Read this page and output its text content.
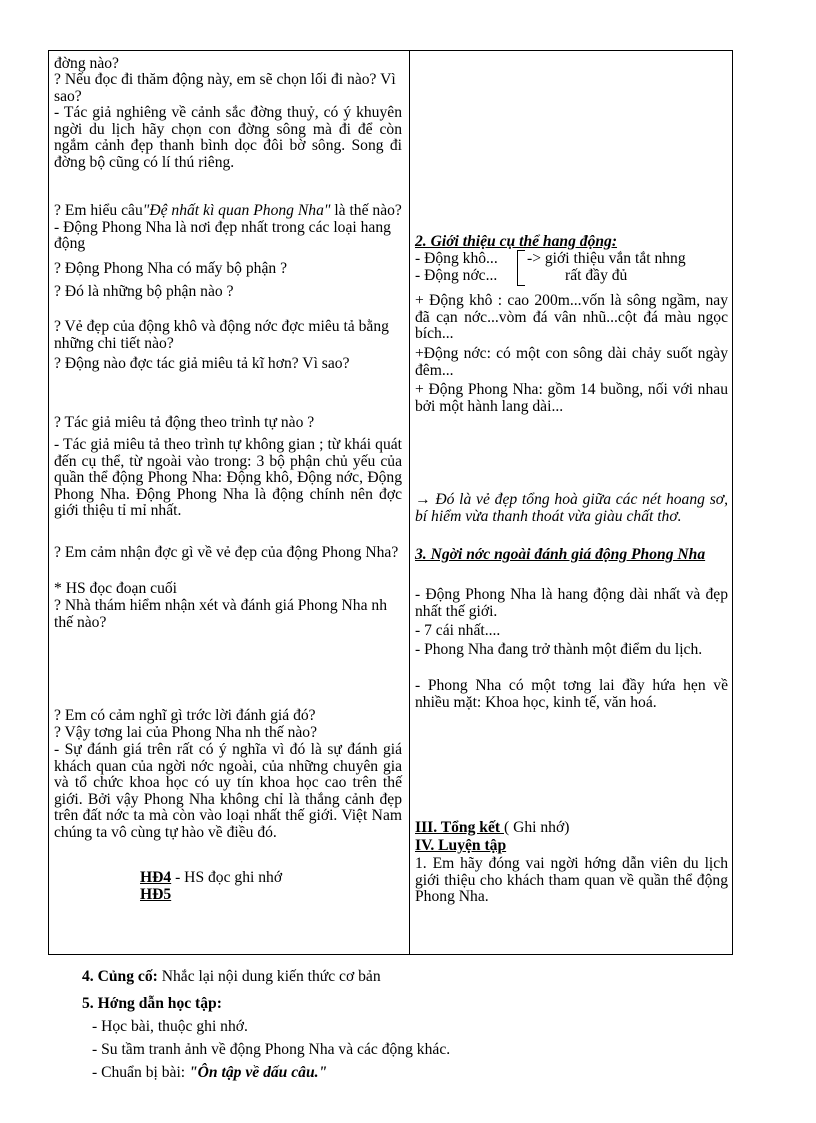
đờng nào?

? Nếu đọc đi thăm động này, em sẽ chọn lối đi nào? Vì sao?

- Tác giả nghiêng về cảnh sắc đờng thuỷ, có ý khuyên ngời du lịch hãy chọn con đờng sông mà đi để còn ngắm cảnh đẹp thanh bình dọc đôi bờ sông. Song đi đờng bộ cũng có lí thú riêng.

? Em hiểu câu"Đệ nhất kì quan Phong Nha" là thế nào?- Động Phong Nha là nơi đẹp nhất trong các loại hang động

? Động Phong Nha có mấy bộ phận ?

? Đó là những bộ phận nào ?

? Vẻ đẹp của động khô và động nớc đợc miêu tả bằng những chi tiết nào?

? Động nào đợc tác giả miêu tả kĩ hơn? Vì sao?

? Tác giả miêu tả động theo trình tự nào ?

- Tác giả miêu tả theo trình tự không gian ; từ khái quát đến cụ thể, từ ngoài vào trong: 3 bộ phận chủ yếu của quần thể động Phong Nha: Động khô, Động nớc, Động Phong Nha. Động Phong Nha là động chính nên đợc giới thiệu tỉ mỉ nhất.

? Em cảm nhận đợc gì về vẻ đẹp của động Phong Nha?

* HS đọc đoạn cuối

? Nhà thám hiểm nhận xét và đánh giá Phong Nha nh thế nào?

? Em có cảm nghĩ gì trớc lời đánh giá đó?

? Vậy tơng lai của Phong Nha nh thế nào?

- Sự đánh giá trên rất có ý nghĩa vì đó là sự đánh giá khách quan của ngời nớc ngoài, của những chuyên gia và tổ chức khoa học có uy tín khoa học cao trên thế giới. Bởi vậy Phong Nha không chỉ là thắng cảnh đẹp trên đất nớc ta mà còn vào loại nhất thế giới. Việt Nam chúng ta vô cùng tự hào về điều đó.

HĐ4 - HS đọc ghi nhớ

HĐ5

2. Giới thiệu cụ thể hang động:

- Động khô...	-> giới thiệu vắn tắt nhng

- Động nớc...	rất đầy đủ

+ Động khô : cao 200m...vốn là sông ngầm, nay đã cạn nớc...vòm đá vân nhũ...cột đá màu ngọc bích...

+Động nớc: có một con sông dài chảy suốt ngày đêm...

+ Động Phong Nha: gồm 14 buồng, nối với nhau bởi một hành lang dài...

→ Đó là vẻ đẹp tổng hoà giữa các nét hoang sơ, bí hiểm vừa thanh thoát vừa giàu chất thơ.

3. Ngời nớc ngoài đánh giá động Phong Nha

- Động Phong Nha là hang động dài nhất và đẹp nhất thế giới.

- 7 cái nhất....

- Phong Nha đang trở thành một điểm du lịch.

- Phong Nha có một tơng lai đầy hứa hẹn về nhiều mặt: Khoa học, kinh tế, văn hoá.

III. Tổng kết ( Ghi nhớ)

IV. Luyện tập

1. Em hãy đóng vai ngời hớng dẫn viên du lịch giới thiệu cho khách tham quan về quần thể động Phong Nha.

4. Củng cố: Nhắc lại nội dung kiến thức cơ bản

5. Hớng dẫn học tập:

- Học bài, thuộc ghi nhớ.

- Su tầm tranh ảnh về động Phong Nha và các động khác.

- Chuẩn bị bài: "Ôn tập về dấu câu."
